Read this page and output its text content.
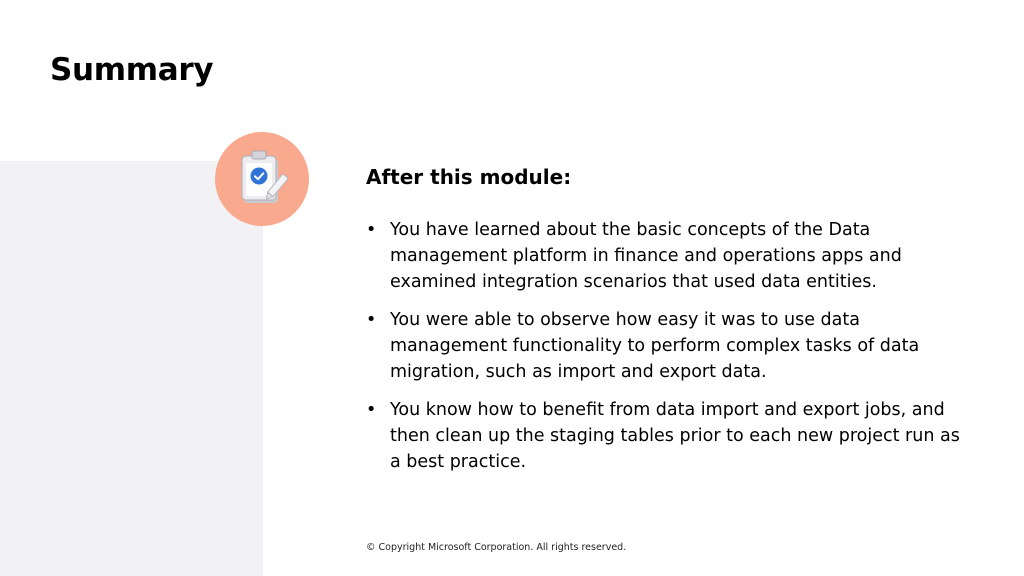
Summary
After this module:
• You have learned about the basic concepts of the Data management platform in finance and operations apps and examined integration scenarios that used data entities.
• You were able to observe how easy it was to use data management functionality to perform complex tasks of data migration, such as import and export data.
• You know how to benefit from data import and export jobs, and then clean up the staging tables prior to each new project run as a best practice.

© Copyright Microsoft Corporation. All rights reserved.
